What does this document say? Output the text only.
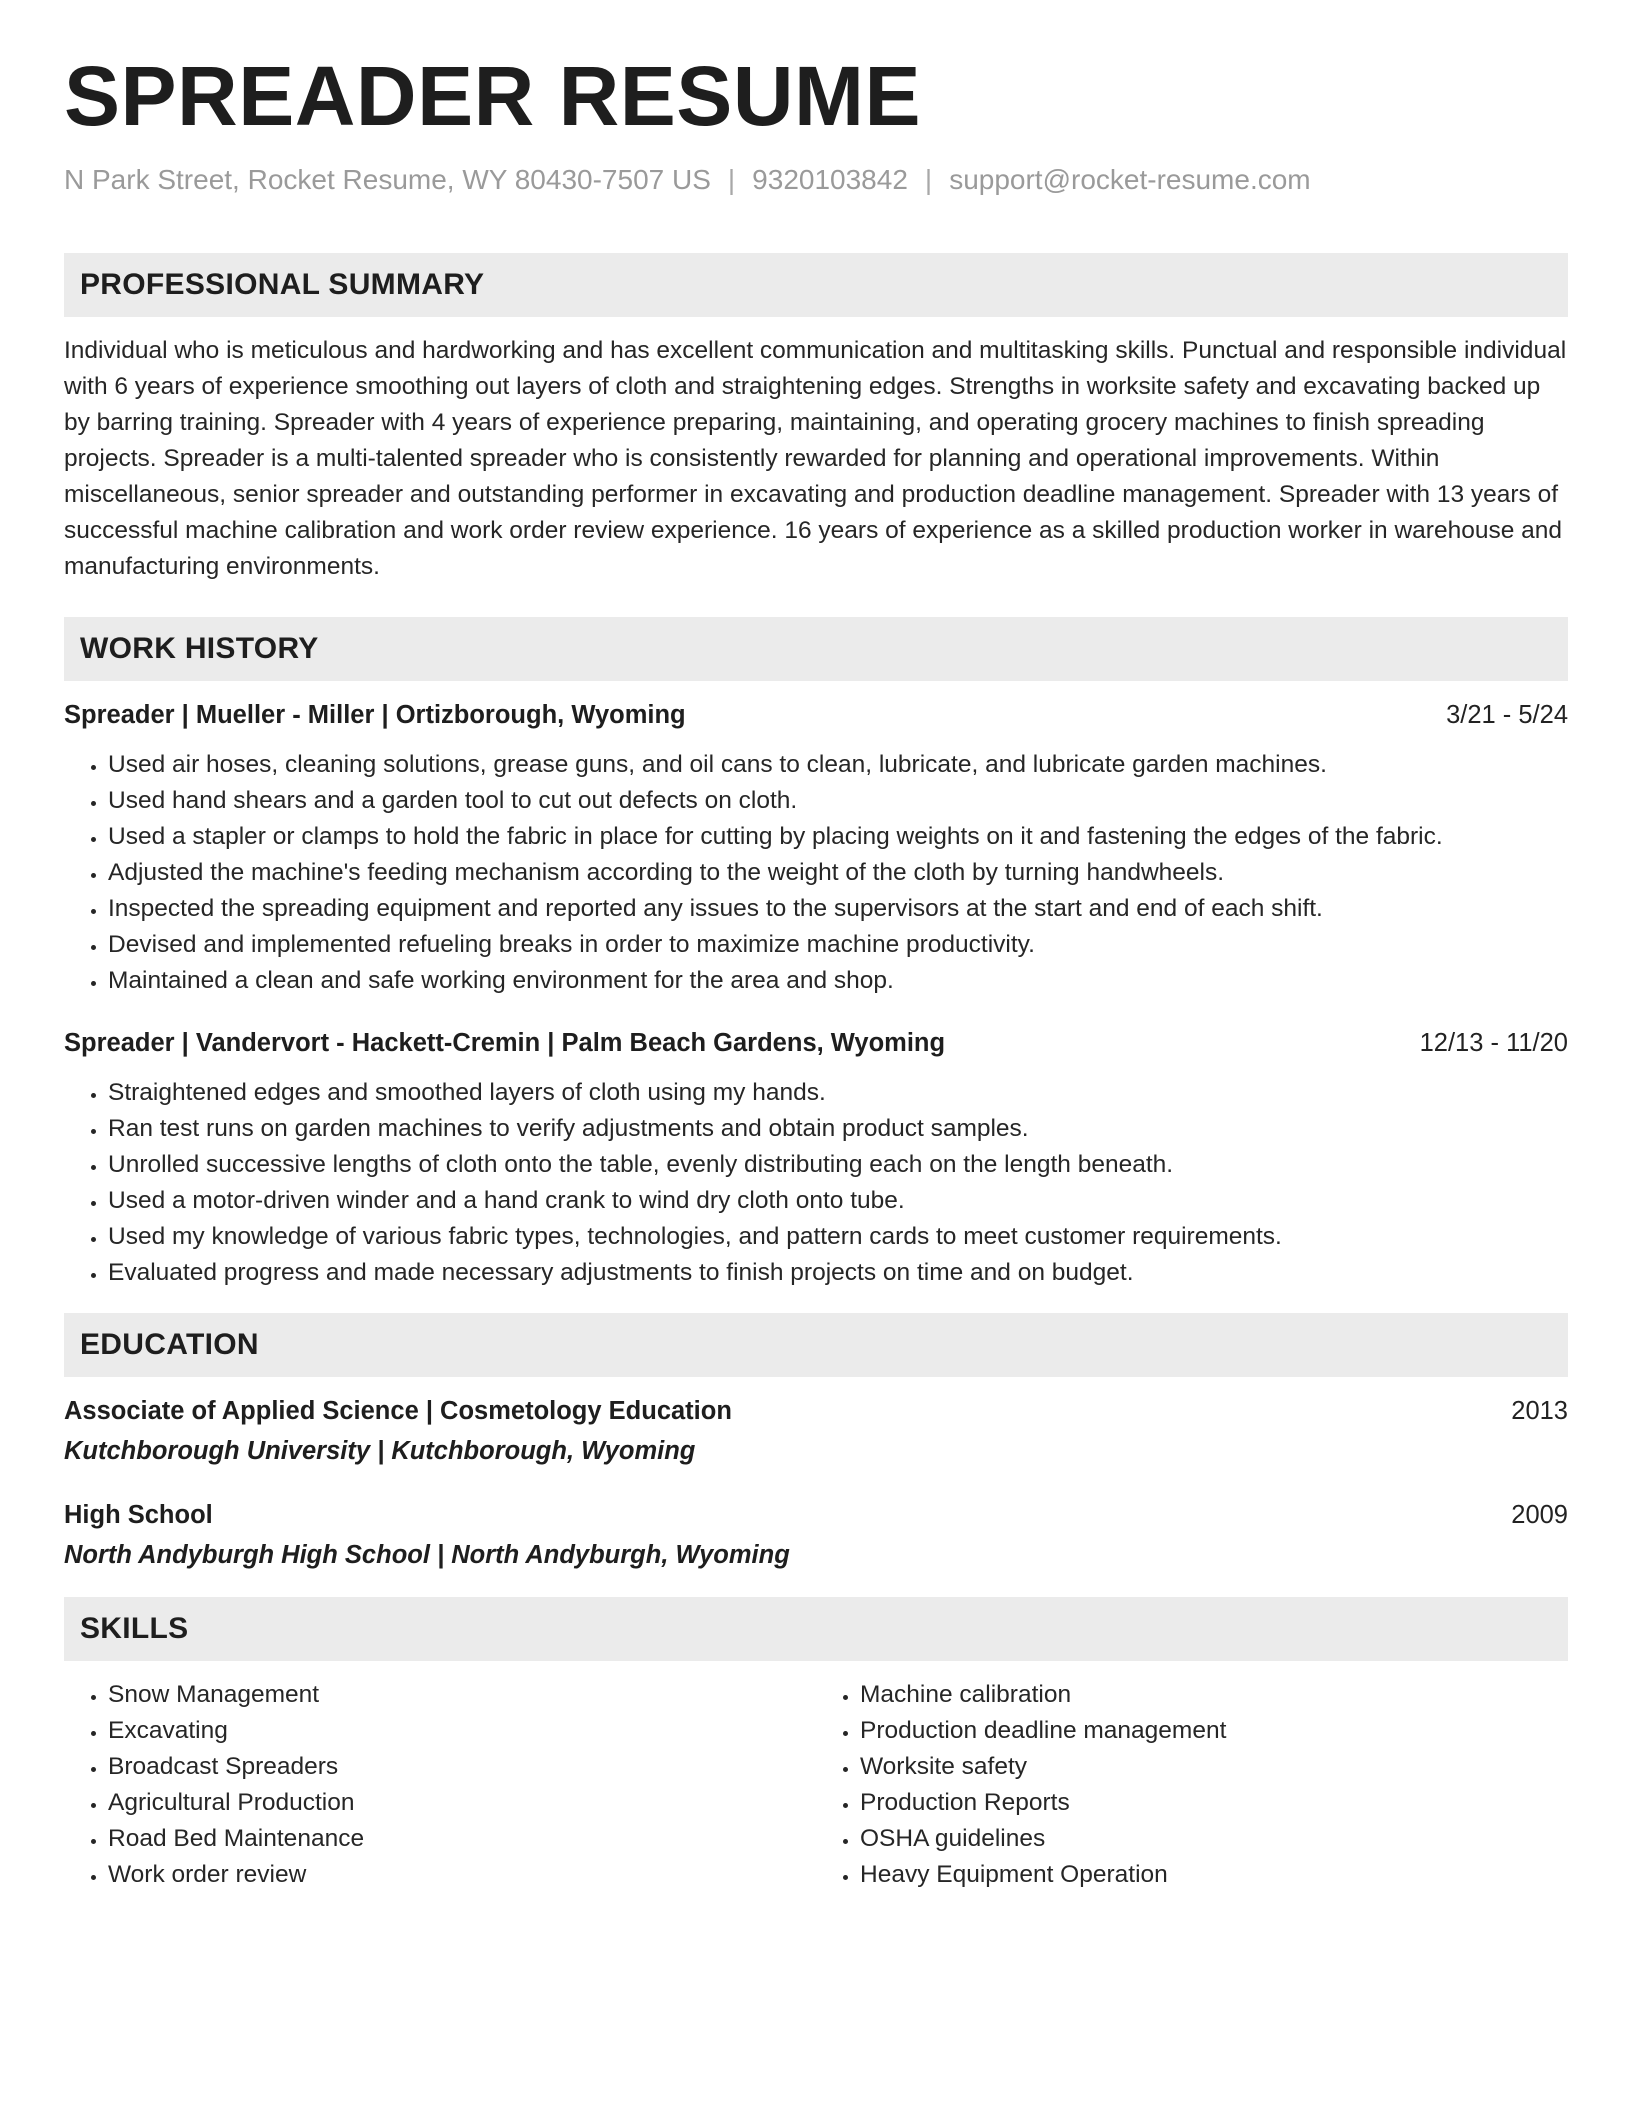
SPREADER RESUME
N Park Street, Rocket Resume, WY 80430-7507 US | 9320103842 | support@rocket-resume.com
PROFESSIONAL SUMMARY

Individual who is meticulous and hardworking and has excellent communication and multitasking skills. Punctual and responsible individual with 6 years of experience smoothing out layers of cloth and straightening edges. Strengths in worksite safety and excavating backed up by barring training. Spreader with 4 years of experience preparing, maintaining, and operating grocery machines to finish spreading projects. Spreader is a multi-talented spreader who is consistently rewarded for planning and operational improvements. Within miscellaneous, senior spreader and outstanding performer in excavating and production deadline management. Spreader with 13 years of successful machine calibration and work order review experience. 16 years of experience as a skilled production worker in warehouse and manufacturing environments.

WORK HISTORY
Spreader | Mueller - Miller | Ortizborough, Wyoming	3/21 - 5/24
• Used air hoses, cleaning solutions, grease guns, and oil cans to clean, lubricate, and lubricate garden machines.
• Used hand shears and a garden tool to cut out defects on cloth.
• Used a stapler or clamps to hold the fabric in place for cutting by placing weights on it and fastening the edges of the fabric.
• Adjusted the machine's feeding mechanism according to the weight of the cloth by turning handwheels.
• Inspected the spreading equipment and reported any issues to the supervisors at the start and end of each shift.
• Devised and implemented refueling breaks in order to maximize machine productivity.
• Maintained a clean and safe working environment for the area and shop.
Spreader | Vandervort - Hackett-Cremin | Palm Beach Gardens, Wyoming	12/13 - 11/20
• Straightened edges and smoothed layers of cloth using my hands.
• Ran test runs on garden machines to verify adjustments and obtain product samples.
• Unrolled successive lengths of cloth onto the table, evenly distributing each on the length beneath.
• Used a motor-driven winder and a hand crank to wind dry cloth onto tube.
• Used my knowledge of various fabric types, technologies, and pattern cards to meet customer requirements.
• Evaluated progress and made necessary adjustments to finish projects on time and on budget.
EDUCATION
Associate of Applied Science | Cosmetology Education	2013
Kutchborough University | Kutchborough, Wyoming
High School	2009
North Andyburgh High School | North Andyburgh, Wyoming
SKILLS
• Snow Management
• Excavating
• Broadcast Spreaders
• Agricultural Production
• Road Bed Maintenance
• Work order review
• Machine calibration
• Production deadline management
• Worksite safety
• Production Reports
• OSHA guidelines
• Heavy Equipment Operation
